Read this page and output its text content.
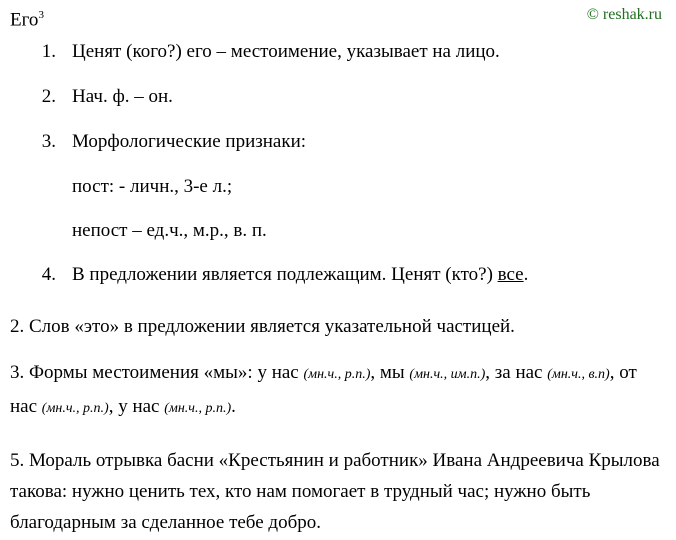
Его$^3$	© reshak.ru
1. Ценят (кого?) его – местоимение, указывает на лицо.
2. Нач. ф. – он.
3. Морфологические признаки:
пост: - личн., 3-е л.;
непост – ед.ч., м.р., в. п.
4. В предложении является подлежащим. Ценят (кто?) все.

2. Слов «это» в предложении является указательной частицей.

3. Формы местоимения «мы»: у нас (мн.ч., р.п.), мы (мн.ч., им.п.), за нас (мн.ч., в.п), от нас (мн.ч., р.п.), у нас (мн.ч., р.п.).

5. Мораль отрывка басни «Крестьянин и работник» Ивана Андреевича Крылова такова: нужно ценить тех, кто нам помогает в трудный час; нужно быть благодарным за сделанное тебе добро.
